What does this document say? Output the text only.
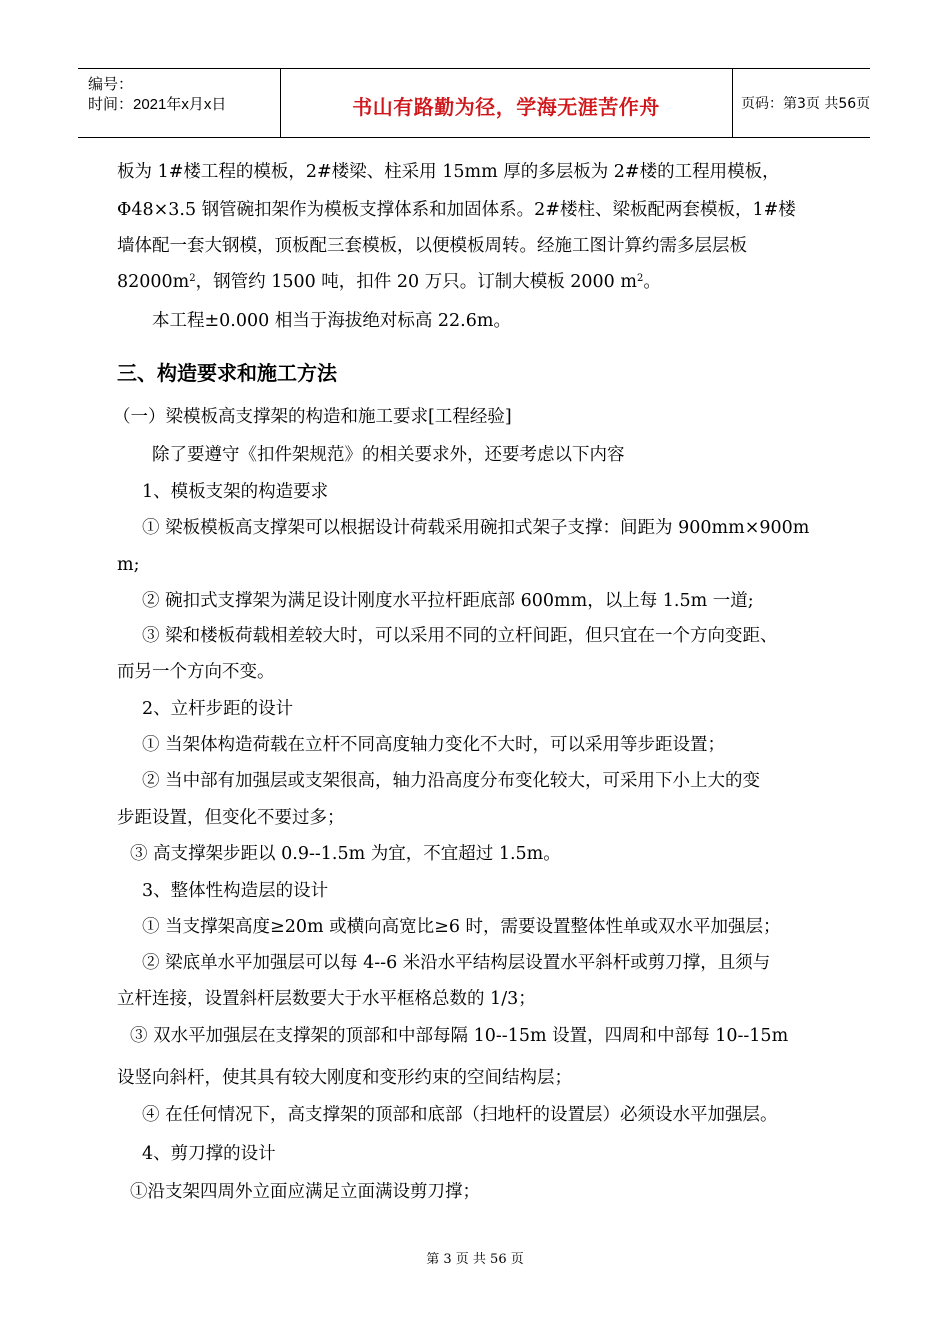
编号：
时间：2021年x月x日	书山有路勤为径，学海无涯苦作舟	页码：第3页 共56页
板为 1#楼工程的模板，2#楼梁、柱采用 15mm 厚的多层板为 2#楼的工程用模板，
Φ48×3.5 钢管碗扣架作为模板支撑体系和加固体系。2#楼柱、梁板配两套模板，1#楼
墙体配一套大钢模，顶板配三套模板，以便模板周转。经施工图计算约需多层层板
$82000m^2$，钢管约 1500 吨，扣件 20 万只。订制大模板 2000 $m^2$。
本工程±0.000 相当于海拔绝对标高 22.6m。
三、构造要求和施工方法
（一）梁模板高支撑架的构造和施工要求[工程经验]
除了要遵守《扣件架规范》的相关要求外，还要考虑以下内容
1、模板支架的构造要求
① 梁板模板高支撑架可以根据设计荷载采用碗扣式架子支撑：间距为 900mm×900m
m;
② 碗扣式支撑架为满足设计刚度水平拉杆距底部 600mm，以上每 1.5m 一道;
③ 梁和楼板荷载相差较大时，可以采用不同的立杆间距，但只宜在一个方向变距、
而另一个方向不变。
2、立杆步距的设计
① 当架体构造荷载在立杆不同高度轴力变化不大时，可以采用等步距设置；
② 当中部有加强层或支架很高，轴力沿高度分布变化较大，可采用下小上大的变
步距设置，但变化不要过多；
③ 高支撑架步距以 0.9--1.5m 为宜，不宜超过 1.5m。
3、整体性构造层的设计
① 当支撑架高度≥20m 或横向高宽比≥6 时，需要设置整体性单或双水平加强层；
② 梁底单水平加强层可以每 4--6 米沿水平结构层设置水平斜杆或剪刀撑，且须与
立杆连接，设置斜杆层数要大于水平框格总数的 1/3；
③ 双水平加强层在支撑架的顶部和中部每隔 10--15m 设置，四周和中部每 10--15m
设竖向斜杆，使其具有较大刚度和变形约束的空间结构层；
④ 在任何情况下，高支撑架的顶部和底部（扫地杆的设置层）必须设水平加强层。
4、剪刀撑的设计
①沿支架四周外立面应满足立面满设剪刀撑；
第 3 页 共 56 页
